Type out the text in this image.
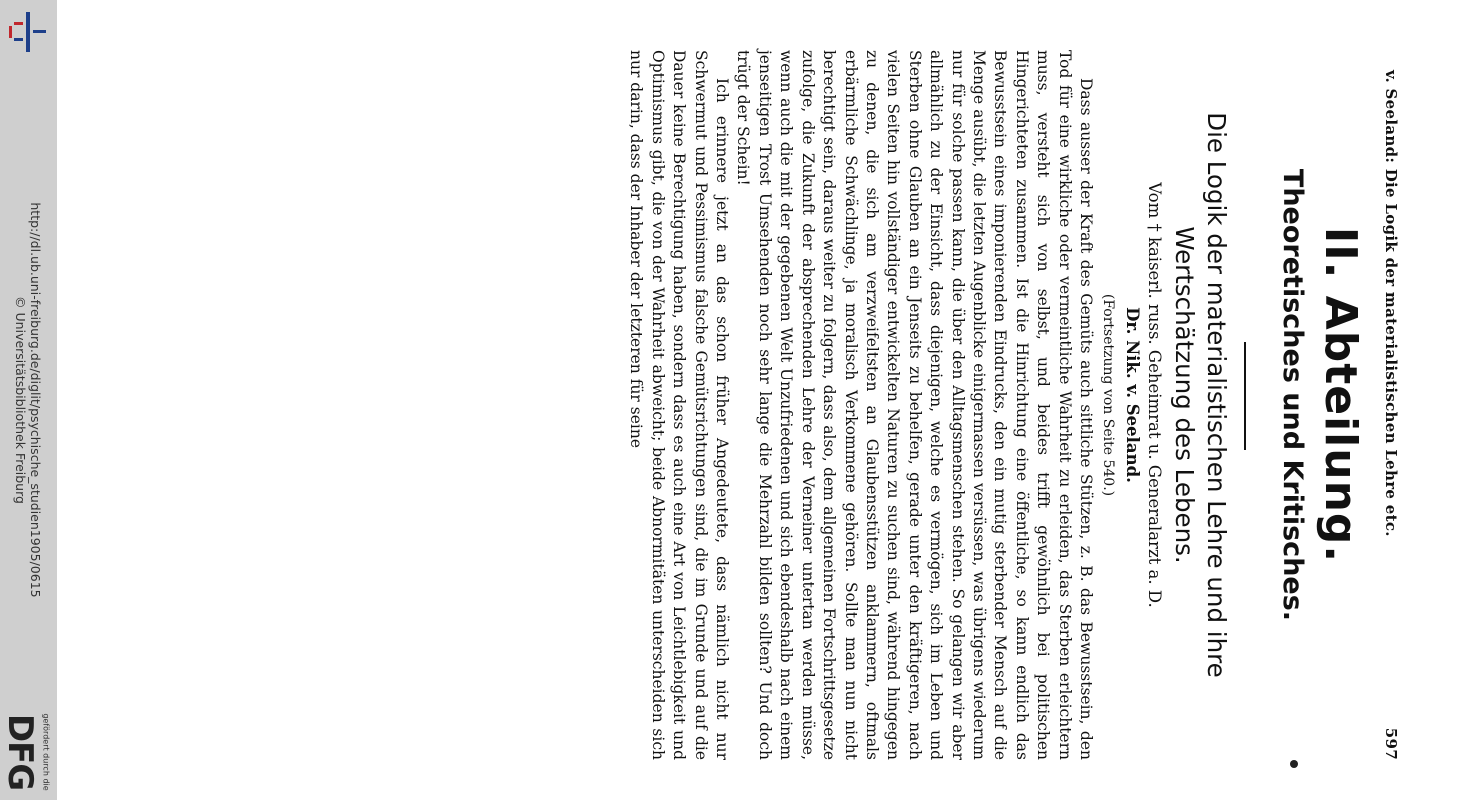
http://dl.ub.uni-freiburg.de/diglit/psychische_studien1905/0615
© Universitätsbibliothek Freiburg
gefördert durch die
DFG
v. Seeland: Die Logik der materialistischen Lehre etc.
597
II. Abteilung.
Theoretisches und Kritisches.
Die Logik der materialistischen Lehre und ihre Wertschätzung des Lebens.
Vom † kaiserl. russ. Geheimrat u. Generalarzt a. D.
Dr. Nik. v. Seeland.
(Fortsetzung von Seite 540.)

Dass ausser der Kraft des Gemüts auch sittliche Stützen, z. B. das Bewusstsein, den Tod für eine wirkliche oder vermeintliche Wahrheit zu erleiden, das Sterben erleichtern muss, versteht sich von selbst, und beides trifft gewöhnlich bei politischen Hingerichteten zusammen. Ist die Hinrichtung eine öffentliche, so kann endlich das Bewusstsein eines imponierenden Eindrucks, den ein mutig sterbender Mensch auf die Menge ausübt, die letzten Augenblicke einigermassen versüssen, was übrigens wiederum nur für solche passen kann, die über den Alltagsmenschen stehen. So gelangen wir aber allmählich zu der Einsicht, dass diejenigen, welche es vermögen, sich im Leben und Sterben ohne Glauben an ein Jenseits zu behelfen, gerade unter den kräftigeren, nach vielen Seiten hin vollständiger entwickelten Naturen zu suchen sind, während hingegen zu denen, die sich am verzweifeltsten an Glaubensstützen anklammern, oftmals erbärmliche Schwächlinge, ja moralisch Verkommene gehören. Sollte man nun nicht berechtigt sein, daraus weiter zu folgern, dass also, dem allgemeinen Fortschrittsgesetze zufolge, die Zukunft der absprechenden Lehre der Verneiner untertan werden müsse, wenn auch die mit der gegebenen Welt Unzufriedenen und sich ebendeshalb nach einem jenseitigen Trost Umsehenden noch sehr lange die Mehrzahl bilden sollten? Und doch trügt der Schein!

Ich erinnere jetzt an das schon früher Angedeutete, dass nämlich nicht nur Schwermut und Pessimismus falsche Gemütsrichtungen sind, die im Grunde und auf die Dauer keine Berechtigung haben, sondern dass es auch eine Art von Leichtlebigkeit und Optimismus gibt, die von der Wahrheit abweicht; beide Abnormitäten unterscheiden sich nur darin, dass der Inhaber der letzteren für seine
